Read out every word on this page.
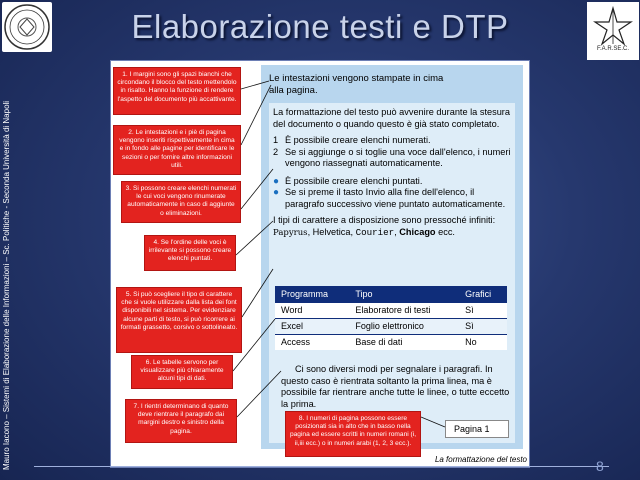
Mauro Iacono – Sistemi di Elaborazione delle Informazioni – Sc. Politiche - Seconda Università di Napoli
F.A.R.SE.C.
Elaborazione testi e DTP
Le intestazioni vengono stampate in cima
alla pagina.

La formattazione del testo può avvenire durante la stesura del documento o quando questo è già stato completato.

1 È possibile creare elenchi numerati.
2 Se si aggiunge o si toglie una voce dall'elenco, i numeri vengono riassegnati automaticamente.
● È possibile creare elenchi puntati.
● Se si preme il tasto Invio alla fine dell'elenco, il paragrafo successivo viene puntato automaticamente.

I tipi di carattere a disposizione sono pressoché infiniti: Papyrus, Helvetica, Courier, Chicago ecc.

Programma	Tipo	Grafici
Word	Elaboratore di testi	Sì
Excel	Foglio elettronico	Sì
Access	Base di dati	No
Ci sono diversi modi per segnalare i paragrafi. In questo caso è rientrata soltanto la prima linea, ma è possibile far rientrare anche tutte le linee, o tutte eccetto la prima.
Pagina 1
La formattazione del testo
1. I margini sono gli spazi bianchi che circondano il blocco del testo mettendolo in risalto. Hanno la funzione di rendere l'aspetto del documento più accattivante.
2. Le intestazioni e i piè di pagina vengono inseriti rispettivamente in cima e in fondo alle pagine per identificare le sezioni o per fornire altre informazioni utili.
3. Si possono creare elenchi numerati le cui voci vengono rinumerate automaticamente in caso di aggiunte o eliminazioni.
4. Se l'ordine delle voci è irrilevante si possono creare elenchi puntati.
5. Si può scegliere il tipo di carattere che si vuole utilizzare dalla lista dei font disponibili nel sistema. Per evidenziare alcune parti di testo, si può ricorrere ai formati grassetto, corsivo o sottolineato.
6. Le tabelle servono per visualizzare più chiaramente alcuni tipi di dati.
7. I rientri determinano di quanto deve rientrare il paragrafo dai margini destro e sinistro della pagina.
8. I numeri di pagina possono essere posizionati sia in alto che in basso nella pagina ed essere scritti in numeri romani (i, ii,iii ecc.) o in numeri arabi (1, 2, 3 ecc.).
8
